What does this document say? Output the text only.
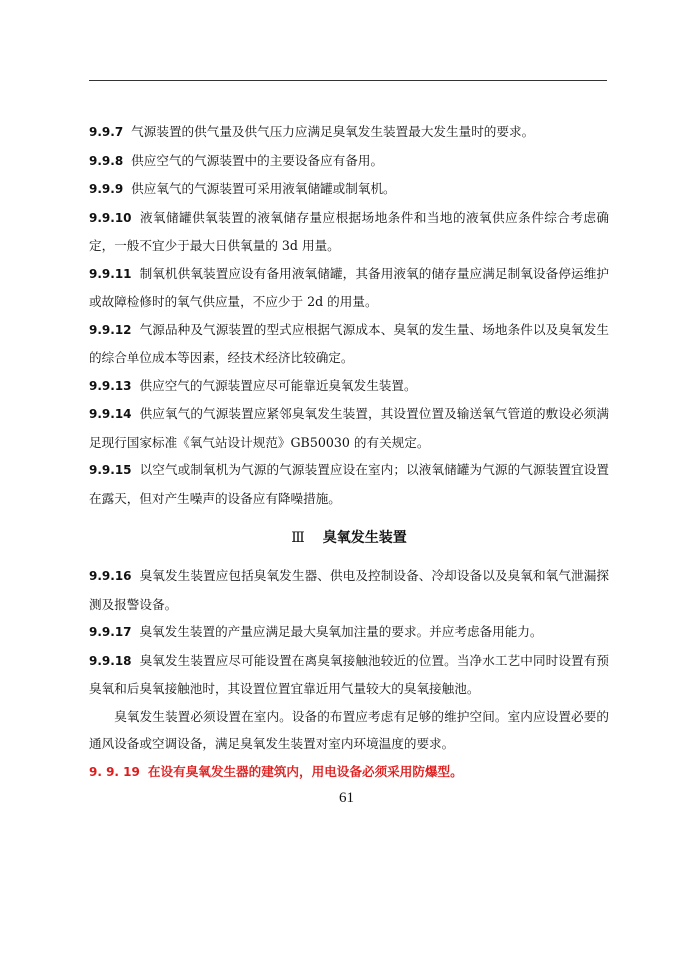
9.9.7 气源装置的供气量及供气压力应满足臭氧发生装置最大发生量时的要求。

9.9.8 供应空气的气源装置中的主要设备应有备用。

9.9.9 供应氧气的气源装置可采用液氧储罐或制氧机。

9.9.10 液氧储罐供氧装置的液氧储存量应根据场地条件和当地的液氧供应条件综合考虑确定，一般不宜少于最大日供氧量的 3d 用量。

9.9.11 制氧机供氧装置应设有备用液氧储罐，其备用液氧的储存量应满足制氧设备停运维护或故障检修时的氧气供应量，不应少于 2d 的用量。

9.9.12 气源品种及气源装置的型式应根据气源成本、臭氧的发生量、场地条件以及臭氧发生的综合单位成本等因素，经技术经济比较确定。

9.9.13 供应空气的气源装置应尽可能靠近臭氧发生装置。

9.9.14 供应氧气的气源装置应紧邻臭氧发生装置，其设置位置及输送氧气管道的敷设必须满足现行国家标准《氧气站设计规范》GB50030 的有关规定。

9.9.15 以空气或制氧机为气源的气源装置应设在室内；以液氧储罐为气源的气源装置宜设置在露天，但对产生噪声的设备应有降噪措施。

Ⅲ 臭氧发生装置

9.9.16 臭氧发生装置应包括臭氧发生器、供电及控制设备、冷却设备以及臭氧和氧气泄漏探测及报警设备。

9.9.17 臭氧发生装置的产量应满足最大臭氧加注量的要求。并应考虑备用能力。

9.9.18 臭氧发生装置应尽可能设置在离臭氧接触池较近的位置。当净水工艺中同时设置有预臭氧和后臭氧接触池时，其设置位置宜靠近用气量较大的臭氧接触池。

臭氧发生装置必须设置在室内。设备的布置应考虑有足够的维护空间。室内应设置必要的通风设备或空调设备，满足臭氧发生装置对室内环境温度的要求。

9. 9. 19 在设有臭氧发生器的建筑内，用电设备必须采用防爆型。

61
